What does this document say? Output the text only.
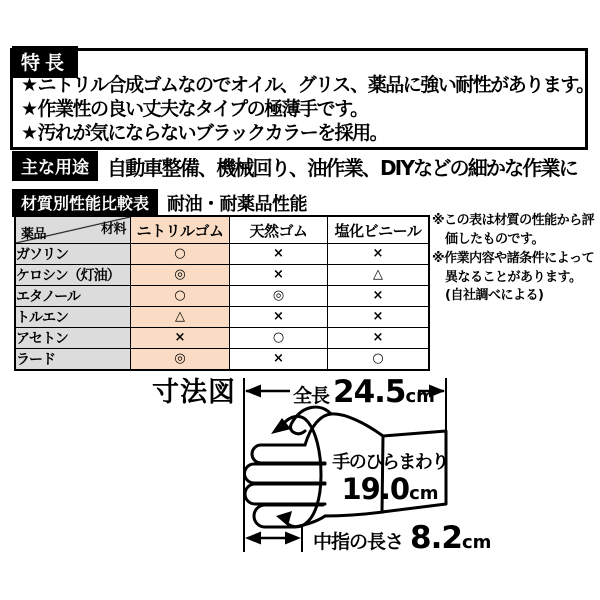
特長
★ニトリル合成ゴムなのでオイル、グリス、薬品に強い耐性があります。
★作業性の良い丈夫なタイプの極薄手です。
★汚れが気にならないブラックカラーを採用。
主な用途 自動車整備、機械回り、油作業、DIYなどの細かな作業に
材質別性能比較表	耐油・耐薬品性能
材料
薬品	ニトリルゴム	天然ゴム	塩化ビニール
ガソリン	○	×	×
ケロシン（灯油）	◎	×	△
エタノール	○	◎	×
トルエン	△	×	×
アセトン	×	○	×
ラード	◎	×	○
※この表は材質の性能から評価したものです。
※作業内容や諸条件によって異なることがあります。(自社調べによる)
寸法図	全長 24.5 cm
手のひらまわり
19.0 cm
中指の長さ 8.2 cm
